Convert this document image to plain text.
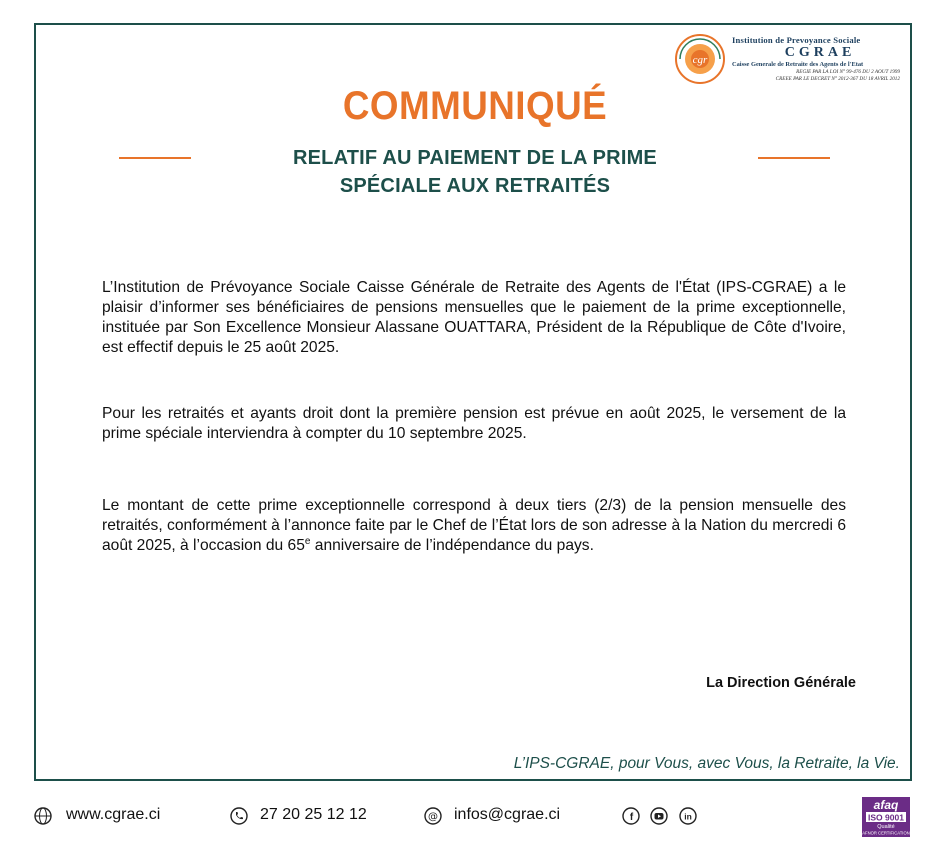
cgr
Institution de Prevoyance Sociale
CGRAE
Caisse Generale de Retraite des Agents de l'Etat
REGIE PAR LA LOI N° 99-476 DU 2 AOUT 1999
CREEE PAR LE DECRET N° 2012-367 DU 18 AVRIL 2012
COMMUNIQUÉ
RELATIF AU PAIEMENT DE LA PRIME
SPÉCIALE AUX RETRAITÉS
L’Institution de Prévoyance Sociale Caisse Générale de Retraite des Agents de l'État (IPS-CGRAE) a le plaisir d’informer ses bénéficiaires de pensions mensuelles que le paiement de la prime exceptionnelle, instituée par Son Excellence Monsieur Alassane OUATTARA, Président de la République de Côte d'Ivoire, est effectif depuis le 25 août 2025.
Pour les retraités et ayants droit dont la première pension est prévue en août 2025, le versement de la prime spéciale interviendra à compter du 10 septembre 2025.
Le montant de cette prime exceptionnelle correspond à deux tiers (2/3) de la pension mensuelle des retraités, conformément à l’annonce faite par le Chef de l’État lors de son adresse à la Nation du mercredi 6 août 2025, à l’occasion du 65e anniversaire de l’indépendance du pays.
La Direction Générale
L’IPS-CGRAE, pour Vous, avec Vous, la Retraite, la Vie.
www.cgrae.ci	27 20 25 12 12	@ infos@cgrae.ci	f	in
afaq
ISO 9001
Qualité
AFNOR CERTIFICATION
